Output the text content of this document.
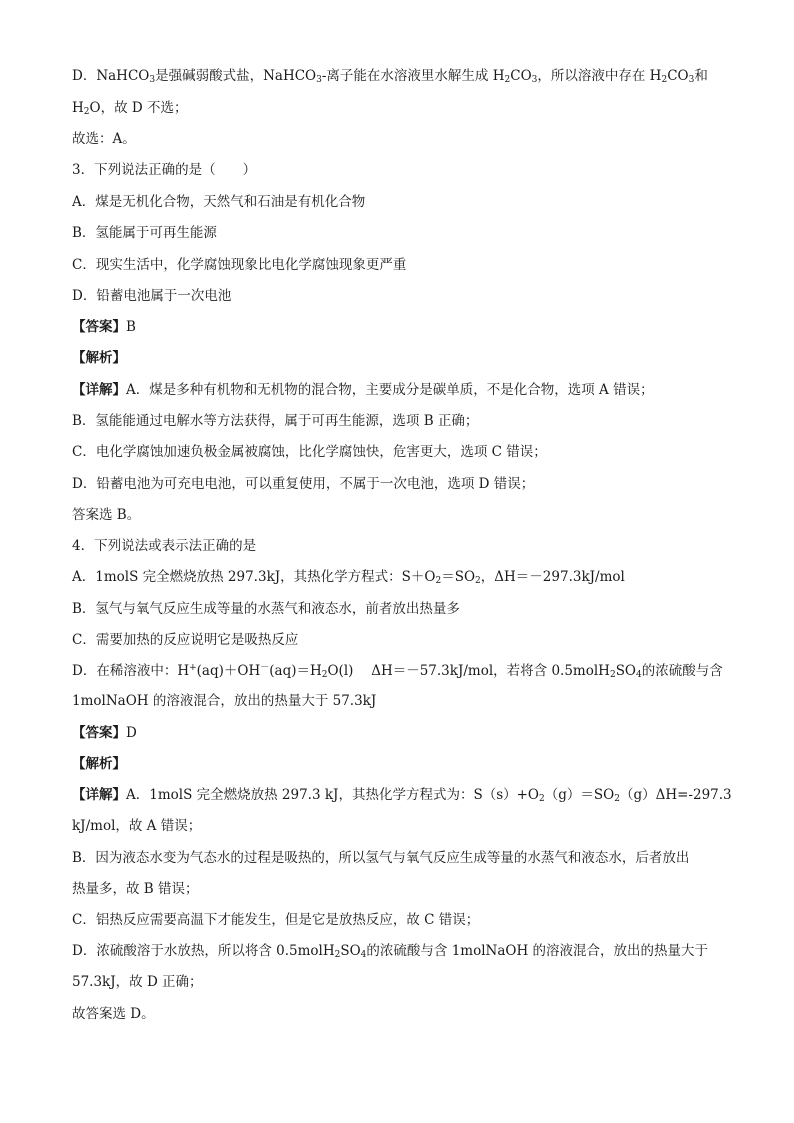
D．NaHCO$_3$是强碱弱酸式盐，NaHCO$_3$-离子能在水溶液里水解生成 $H_2CO_3$，所以溶液中存在 $H_2CO_3$和
$H_2O$，故 D 不选；
故选：A。
3．下列说法正确的是（　　）
A．煤是无机化合物，天然气和石油是有机化合物
B．氢能属于可再生能源
C．现实生活中，化学腐蚀现象比电化学腐蚀现象更严重
D．铅蓄电池属于一次电池
【答案】B
【解析】
【详解】A．煤是多种有机物和无机物的混合物，主要成分是碳单质，不是化合物，选项 A 错误；
B．氢能能通过电解水等方法获得，属于可再生能源，选项 B 正确；
C．电化学腐蚀加速负极金属被腐蚀，比化学腐蚀快，危害更大，选项 C 错误；
D．铅蓄电池为可充电电池，可以重复使用，不属于一次电池，选项 D 错误；
答案选 B。
4．下列说法或表示法正确的是
A．1molS 完全燃烧放热 297.3kJ，其热化学方程式：$S+O_2=SO_2$，ΔH＝－297.3kJ/mol
B．氢气与氧气反应生成等量的水蒸气和液态水，前者放出热量多
C．需要加热的反应说明它是吸热反应
D．在稀溶液中：$H^+(aq)+OH^-(aq)=H_2O(l)$　 ΔH＝－57.3kJ/mol，若将含 $0.5molH_2SO_4$的浓硫酸与含
1molNaOH 的溶液混合，放出的热量大于 57.3kJ
【答案】D
【解析】
【详解】A．1molS 完全燃烧放热 297.3 kJ，其热化学方程式为：$S(s)+O_2(g)=SO_2(g)\Delta H=-297.3$
kJ/mol，故 A 错误；
B．因为液态水变为气态水的过程是吸热的，所以氢气与氧气反应生成等量的水蒸气和液态水，后者放出
热量多，故 B 错误；
C．铝热反应需要高温下才能发生，但是它是放热反应，故 C 错误；
D．浓硫酸溶于水放热，所以将含 $0.5molH_2SO_4$的浓硫酸与含 1molNaOH 的溶液混合，放出的热量大于
57.3kJ，故 D 正确；
故答案选 D。
